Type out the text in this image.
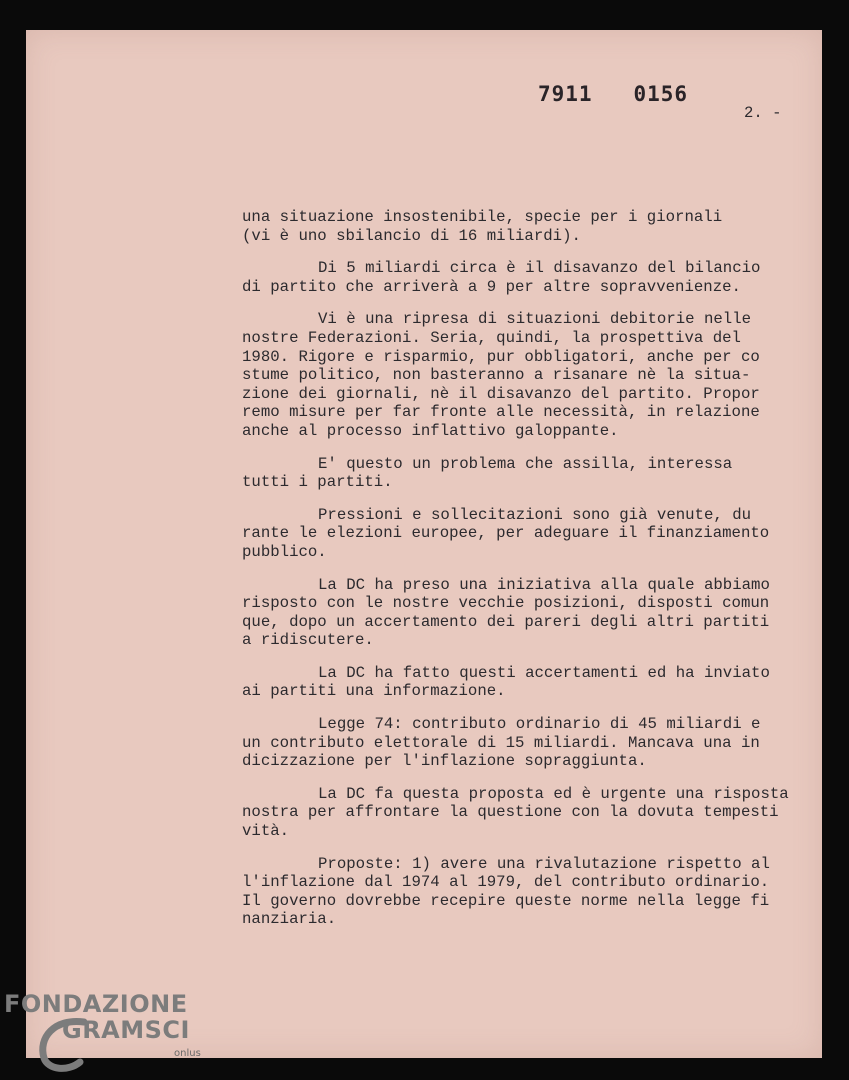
7911   0156
2. -
una situazione insostenibile, specie per i giornali
(vi è uno sbilancio di 16 miliardi).
Di 5 miliardi circa è il disavanzo del bilancio
di partito che arriverà a 9 per altre sopravvenienze.
Vi è una ripresa di situazioni debitorie nelle
nostre Federazioni. Seria, quindi, la prospettiva del
1980. Rigore e risparmio, pur obbligatori, anche per co
stume politico, non basteranno a risanare nè la situa-
zione dei giornali, nè il disavanzo del partito. Propor
remo misure per far fronte alle necessità, in relazione
anche al processo inflattivo galoppante.
E' questo un problema che assilla, interessa
tutti i partiti.
Pressioni e sollecitazioni sono già venute, du
rante le elezioni europee, per adeguare il finanziamento
pubblico.
La DC ha preso una iniziativa alla quale abbiamo
risposto con le nostre vecchie posizioni, disposti comun
que, dopo un accertamento dei pareri degli altri partiti
a ridiscutere.
La DC ha fatto questi accertamenti ed ha inviato
ai partiti una informazione.
Legge 74: contributo ordinario di 45 miliardi e
un contributo elettorale di 15 miliardi. Mancava una in
dicizzazione per l'inflazione sopraggiunta.
La DC fa questa proposta ed è urgente una risposta
nostra per affrontare la questione con la dovuta tempesti
vità.
Proposte: 1) avere una rivalutazione rispetto al
l'inflazione dal 1974 al 1979, del contributo ordinario.
Il governo dovrebbe recepire queste norme nella legge fi
nanziaria.
FONDAZIONE
GRAMSCI
onlus
